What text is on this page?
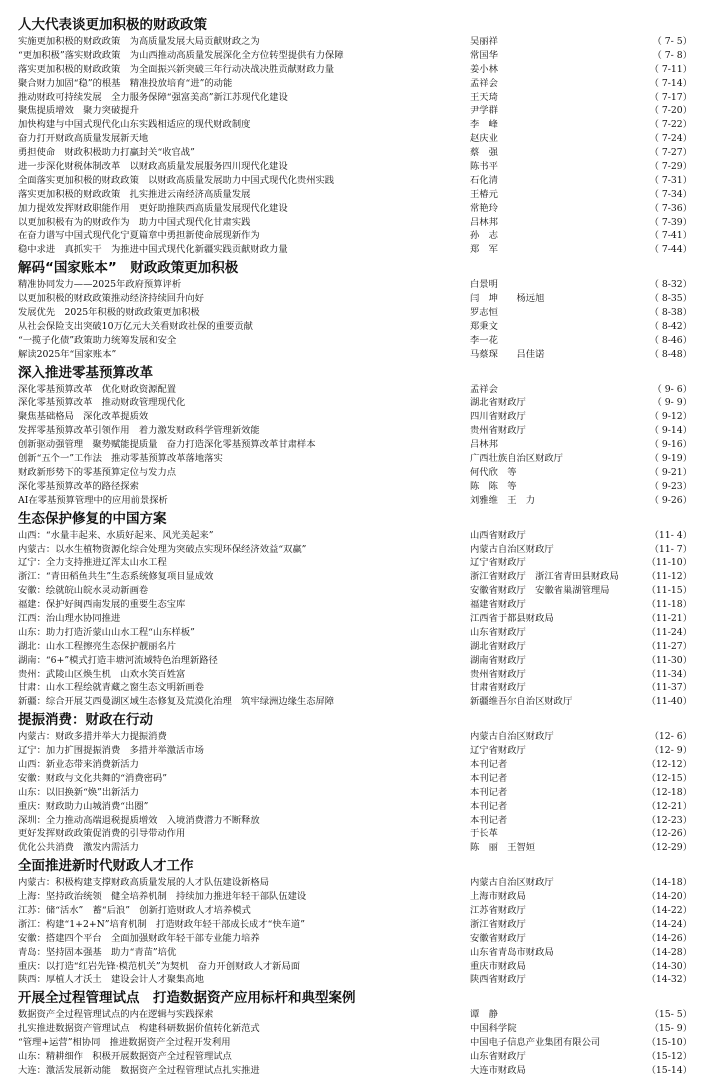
人大代表谈更加积极的财政政策
实施更加积极的财政政策　为高质量发展大局贡献财政之为	吴丽祥	（ 7- 5）
“更加积极”落实财政政策　为山西推动高质量发展深化全方位转型提供有力保障	常国华	（ 7- 8）
落实更加积极的财政政策　为全面振兴新突破三年行动决战决胜贡献财政力量	姜小林	（ 7-11）
聚合财力加固“稳”的根基　精准投放培育“进”的动能	孟祥会	（ 7-14）
推动财政可持续发展　全力服务保障“强富美高”新江苏现代化建设	王天琦	（ 7-17）
聚焦提质增效　聚力突破提升	尹学群	（ 7-20）
加快构建与中国式现代化山东实践相适应的现代财政制度	李　峰	（ 7-22）
奋力打开财政高质量发展新天地	赵庆业	（ 7-24）
勇担使命　财政积极助力打赢封关“收官战”	蔡　强	（ 7-27）
进一步深化财税体制改革　以财政高质量发展服务四川现代化建设	陈书平	（ 7-29）
全面落实更加积极的财政政策　以财政高质量发展助力中国式现代化贵州实践	石化清	（ 7-31）
落实更加积极的财政政策　扎实推进云南经济高质量发展	王椿元	（ 7-34）
加力提效发挥财政职能作用　更好助推陕西高质量发展现代化建设	常艳玲	（ 7-36）
以更加积极有为的财政作为　助力中国式现代化甘肃实践	吕林邦	（ 7-39）
在奋力谱写中国式现代化宁夏篇章中勇担新使命展现新作为	孙　志	（ 7-41）
稳中求进　真抓实干　为推进中国式现代化新疆实践贡献财政力量	郑　军	（ 7-44）
解码“国家账本”　财政政策更加积极
精准协同发力——2025年政府预算评析	白景明	（ 8-32）
以更加积极的财政政策推动经济持续回升向好	闫　坤　　杨远旭	（ 8-35）
发展优先　2025年积极的财政政策更加积极	罗志恒	（ 8-38）
从社会保险支出突破10万亿元大关看财政社保的重要贡献	郑秉文	（ 8-42）
“一揽子化债”政策助力统筹发展和安全	李一花	（ 8-46）
解读2025年“国家账本”	马蔡琛　　吕佳诺	（ 8-48）
深入推进零基预算改革
深化零基预算改革　优化财政资源配置	孟祥会	（ 9- 6）
深化零基预算改革　推动财政管理现代化	湖北省财政厅	（ 9- 9）
聚焦基础格局　深化改革提质效	四川省财政厅	（ 9-12）
发挥零基预算改革引领作用　着力激发财政科学管理新效能	贵州省财政厅	（ 9-14）
创新驱动强管理　聚势赋能提质量　奋力打造深化零基预算改革甘肃样本	吕林邦	（ 9-16）
创新“五个一”工作法　推动零基预算改革落地落实	广西壮族自治区财政厅	（ 9-19）
财政新形势下的零基预算定位与发力点	何代欣　等	（ 9-21）
深化零基预算改革的路径探索	陈　陈　等	（ 9-23）
AI在零基预算管理中的应用前景探析	刘雅维　王　力	（ 9-26）
生态保护修复的中国方案
山西：“水量丰起来、水质好起来、风光美起来”	山西省财政厅	（11- 4）
内蒙古：以水生植物资源化综合处理为突破点实现环保经济效益“双赢”	内蒙古自治区财政厅	（11- 7）
辽宁：全力支持推进辽浑太山水工程	辽宁省财政厅	（11-10）
浙江：“青田稻鱼共生”生态系统修复项目显成效	浙江省财政厅　浙江省青田县财政局	（11-12）
安徽：绘就皖山皖水灵动新画卷	安徽省财政厅　安徽省巢湖管理局	（11-15）
福建：保护好闽西南发展的重要生态宝库	福建省财政厅	（11-18）
江西：治山理水协同推进	江西省于都县财政局	（11-21）
山东：助力打造沂蒙山山水工程“山东样板”	山东省财政厅	（11-24）
湖北：山水工程擦亮生态保护靓丽名片	湖北省财政厅	（11-27）
湖南：“6+”模式打造丰塘河流域特色治理新路径	湖南省财政厅	（11-30）
贵州：武陵山区焕生机　山欢水笑百姓富	贵州省财政厅	（11-34）
甘肃：山水工程绘就青藏之窗生态文明新画卷	甘肃省财政厅	（11-37）
新疆：综合开展艾西曼湖区域生态修复及荒漠化治理　筑牢绿洲边缘生态屏障	新疆维吾尔自治区财政厅	（11-40）
提振消费：财政在行动
内蒙古：财政多措并举大力提振消费	内蒙古自治区财政厅	（12- 6）
辽宁：加力扩围提振消费　多措并举激活市场	辽宁省财政厅	（12- 9）
山西：新业态带来消费新活力	本刊记者	（12-12）
安徽：财政与文化共舞的“消费密码”	本刊记者	（12-15）
山东：以旧换新“焕”出新活力	本刊记者	（12-18）
重庆：财政助力山城消费“出圈”	本刊记者	（12-21）
深圳：全力推动高端退税提质增效　入境消费潜力不断释放	本刊记者	（12-23）
更好发挥财政政策促消费的引导带动作用	于长革	（12-26）
优化公共消费　激发内需活力	陈　丽　王智姮	（12-29）
全面推进新时代财政人才工作
内蒙古：积极构建支撑财政高质量发展的人才队伍建设新格局	内蒙古自治区财政厅	（14-18）
上海：坚持政治统领　健全培养机制　持续加力推进年轻干部队伍建设	上海市财政局	（14-20）
江苏：储“活水”　蓄“后浪”　创新打造财政人才培养模式	江苏省财政厅	（14-22）
浙江：构建“1+2+N”培育机制　打造财政年轻干部成长成才“快车道”	浙江省财政厅	（14-24）
安徽：搭建四个平台　全面加强财政年轻干部专业能力培养	安徽省财政厅	（14-26）
青岛：坚持固本强基　助力“青苗”培优	山东省青岛市财政局	（14-28）
重庆：以打造“红岩先锋·模范机关”为契机　奋力开创财政人才新局面	重庆市财政局	（14-30）
陕西：厚植人才沃土　建设会计人才聚集高地	陕西省财政厅	（14-32）
开展全过程管理试点　打造数据资产应用标杆和典型案例
数据资产全过程管理试点的内在逻辑与实践探索	谭　静	（15- 5）
扎实推进数据资产管理试点　构建科研数据价值转化新范式	中国科学院	（15- 9）
“管理+运营”相协同　推进数据资产全过程开发利用	中国电子信息产业集团有限公司	（15-10）
山东：精耕细作　积极开展数据资产全过程管理试点	山东省财政厅	（15-12）
大连：激活发展新动能　数据资产全过程管理试点扎实推进	大连市财政局	（15-14）
